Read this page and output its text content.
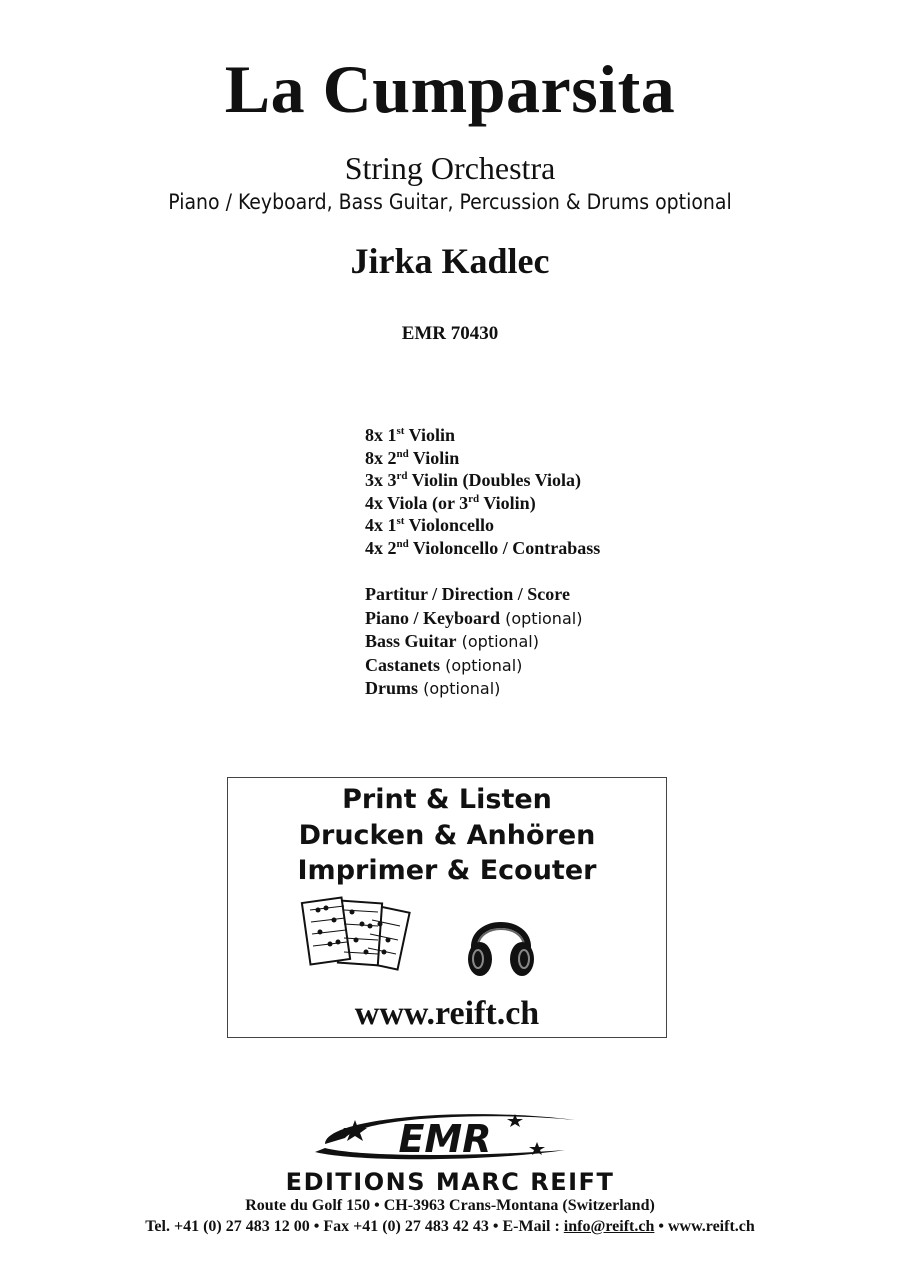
La Cumparsita
String Orchestra
Piano / Keyboard, Bass Guitar, Percussion & Drums optional
Jirka Kadlec
EMR 70430
8x 1st Violin
8x 2nd Violin
3x 3rd Violin (Doubles Viola)
4x Viola (or 3rd Violin)
4x 1st Violoncello
4x 2nd Violoncello / Contrabass
Partitur / Direction / Score
Piano / Keyboard (optional)
Bass Guitar (optional)
Castanets (optional)
Drums (optional)
Print & Listen
Drucken & Anhören
Imprimer & Ecouter
www.reift.ch
EMR
EDITIONS MARC REIFT
Route du Golf 150 • CH-3963 Crans-Montana (Switzerland)
Tel. +41 (0) 27 483 12 00 • Fax +41 (0) 27 483 42 43 • E-Mail : info@reift.ch • www.reift.ch
